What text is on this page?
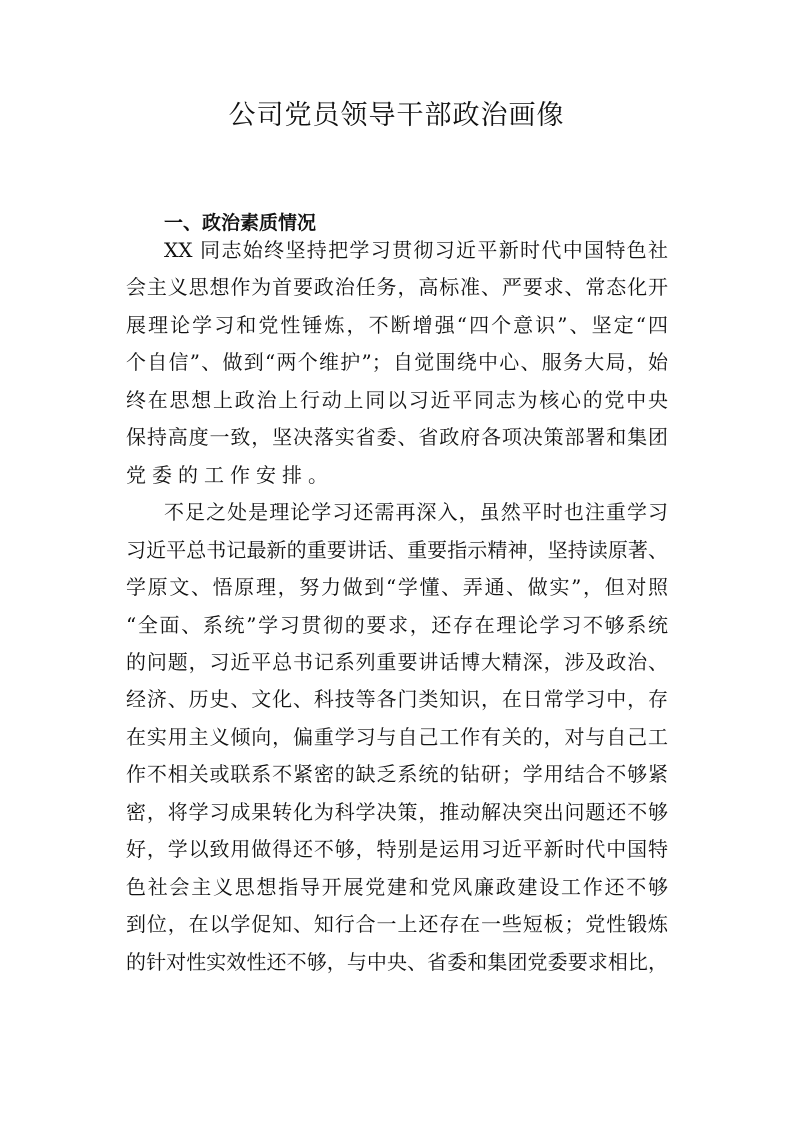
公司党员领导干部政治画像
一、政治素质情况
XX 同志始终坚持把学习贯彻习近平新时代中国特色社
会主义思想作为首要政治任务，高标准、严要求、常态化开
展理论学习和党性锤炼，不断增强“四个意识”、坚定“四
个自信”、做到“两个维护”；自觉围绕中心、服务大局，始
终在思想上政治上行动上同以习近平同志为核心的党中央
保持高度一致，坚决落实省委、省政府各项决策部署和集团
党委的工作安排。
不足之处是理论学习还需再深入，虽然平时也注重学习
习近平总书记最新的重要讲话、重要指示精神，坚持读原著、
学原文、悟原理，努力做到“学懂、弄通、做实”，但对照
“全面、系统”学习贯彻的要求，还存在理论学习不够系统
的问题，习近平总书记系列重要讲话博大精深，涉及政治、
经济、历史、文化、科技等各门类知识，在日常学习中，存
在实用主义倾向，偏重学习与自己工作有关的，对与自己工
作不相关或联系不紧密的缺乏系统的钻研；学用结合不够紧
密，将学习成果转化为科学决策，推动解决突出问题还不够
好，学以致用做得还不够，特别是运用习近平新时代中国特
色社会主义思想指导开展党建和党风廉政建设工作还不够
到位，在以学促知、知行合一上还存在一些短板；党性锻炼
的针对性实效性还不够，与中央、省委和集团党委要求相比，
